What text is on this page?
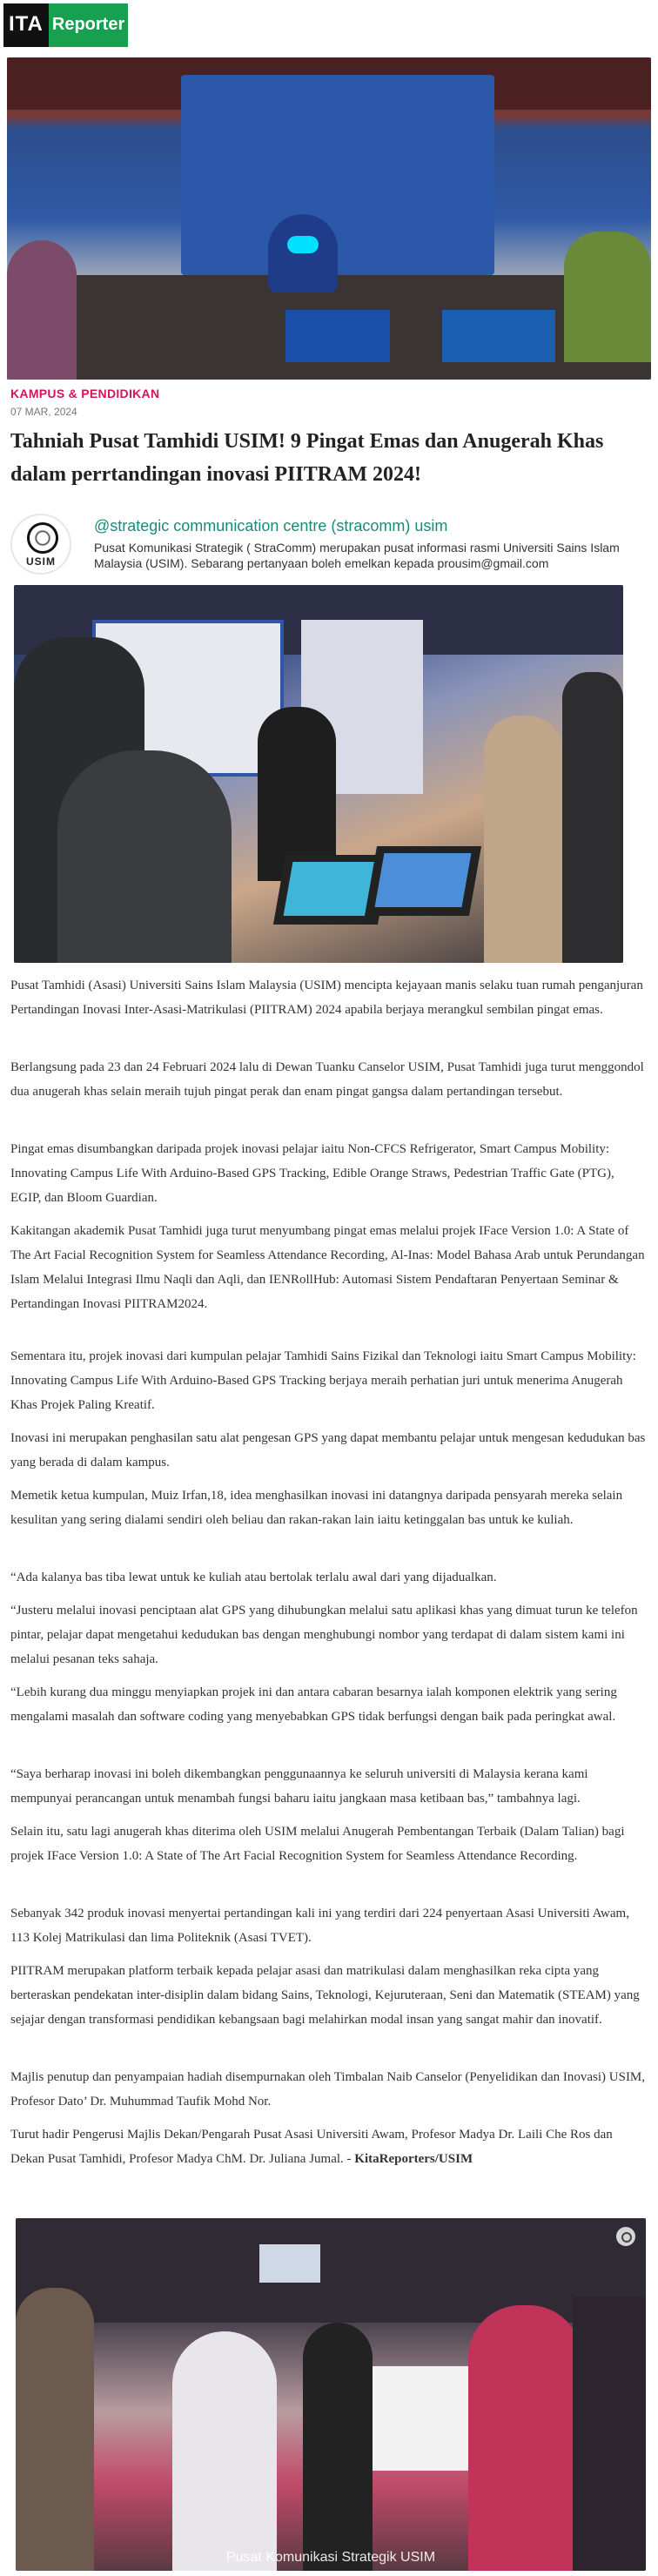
ITA Reporter
KAMPUS & PENDIDIKAN
07 MAR, 2024
Tahniah Pusat Tamhidi USIM! 9 Pingat Emas dan Anugerah Khas dalam perrtandingan inovasi PIITRAM 2024!
USIM
@strategic communication centre (stracomm) usim
Pusat Komunikasi Strategik ( StraComm) merupakan pusat informasi rasmi Universiti Sains Islam Malaysia (USIM). Sebarang pertanyaan boleh emelkan kepada prousim@gmail.com

Pusat Tamhidi (Asasi) Universiti Sains Islam Malaysia (USIM) mencipta kejayaan manis selaku tuan rumah penganjuran Pertandingan Inovasi Inter-Asasi-Matrikulasi (PIITRAM) 2024 apabila berjaya merangkul sembilan pingat emas.

Berlangsung pada 23 dan 24 Februari 2024 lalu di Dewan Tuanku Canselor USIM, Pusat Tamhidi juga turut menggondol dua anugerah khas selain meraih tujuh pingat perak dan enam pingat gangsa dalam pertandingan tersebut.

Pingat emas disumbangkan daripada projek inovasi pelajar iaitu Non-CFCS Refrigerator, Smart Campus Mobility: Innovating Campus Life With Arduino-Based GPS Tracking, Edible Orange Straws, Pedestrian Traffic Gate (PTG), EGIP, dan Bloom Guardian.

Kakitangan akademik Pusat Tamhidi juga turut menyumbang pingat emas melalui projek IFace Version 1.0: A State of The Art Facial Recognition System for Seamless Attendance Recording, Al-Inas: Model Bahasa Arab untuk Perundangan Islam Melalui Integrasi Ilmu Naqli dan Aqli, dan IENRollHub: Automasi Sistem Pendaftaran Penyertaan Seminar & Pertandingan Inovasi PIITRAM2024.

Sementara itu, projek inovasi dari kumpulan pelajar Tamhidi Sains Fizikal dan Teknologi iaitu Smart Campus Mobility: Innovating Campus Life With Arduino-Based GPS Tracking berjaya meraih perhatian juri untuk menerima Anugerah Khas Projek Paling Kreatif.

Inovasi ini merupakan penghasilan satu alat pengesan GPS yang dapat membantu pelajar untuk mengesan kedudukan bas yang berada di dalam kampus.

Memetik ketua kumpulan, Muiz Irfan,18, idea menghasilkan inovasi ini datangnya daripada pensyarah mereka selain kesulitan yang sering dialami sendiri oleh beliau dan rakan-rakan lain iaitu ketinggalan bas untuk ke kuliah.

“Ada kalanya bas tiba lewat untuk ke kuliah atau bertolak terlalu awal dari yang dijadualkan.

“Justeru melalui inovasi penciptaan alat GPS yang dihubungkan melalui satu aplikasi khas yang dimuat turun ke telefon pintar, pelajar dapat mengetahui kedudukan bas dengan menghubungi nombor yang terdapat di dalam sistem kami ini melalui pesanan teks sahaja.

“Lebih kurang dua minggu menyiapkan projek ini dan antara cabaran besarnya ialah komponen elektrik yang sering mengalami masalah dan software coding yang menyebabkan GPS tidak berfungsi dengan baik pada peringkat awal.

“Saya berharap inovasi ini boleh dikembangkan penggunaannya ke seluruh universiti di Malaysia kerana kami mempunyai perancangan untuk menambah fungsi baharu iaitu jangkaan masa ketibaan bas,” tambahnya lagi.

Selain itu, satu lagi anugerah khas diterima oleh USIM melalui Anugerah Pembentangan Terbaik (Dalam Talian) bagi projek IFace Version 1.0: A State of The Art Facial Recognition System for Seamless Attendance Recording.

Sebanyak 342 produk inovasi menyertai pertandingan kali ini yang terdiri dari 224 penyertaan Asasi Universiti Awam, 113 Kolej Matrikulasi dan lima Politeknik (Asasi TVET).

PIITRAM merupakan platform terbaik kepada pelajar asasi dan matrikulasi dalam menghasilkan reka cipta yang berteraskan pendekatan inter-disiplin dalam bidang Sains, Teknologi, Kejuruteraan, Seni dan Matematik (STEAM) yang sejajar dengan transformasi pendidikan kebangsaan bagi melahirkan modal insan yang sangat mahir dan inovatif.

Majlis penutup dan penyampaian hadiah disempurnakan oleh Timbalan Naib Canselor (Penyelidikan dan Inovasi) USIM, Profesor Dato’ Dr. Muhummad Taufik Mohd Nor.

Turut hadir Pengerusi Majlis Dekan/Pengarah Pusat Asasi Universiti Awam, Profesor Madya Dr. Laili Che Ros dan Dekan Pusat Tamhidi, Profesor Madya ChM. Dr. Juliana Jumal. - KitaReporters/USIM

Pusat Komunikasi Strategik USIM
